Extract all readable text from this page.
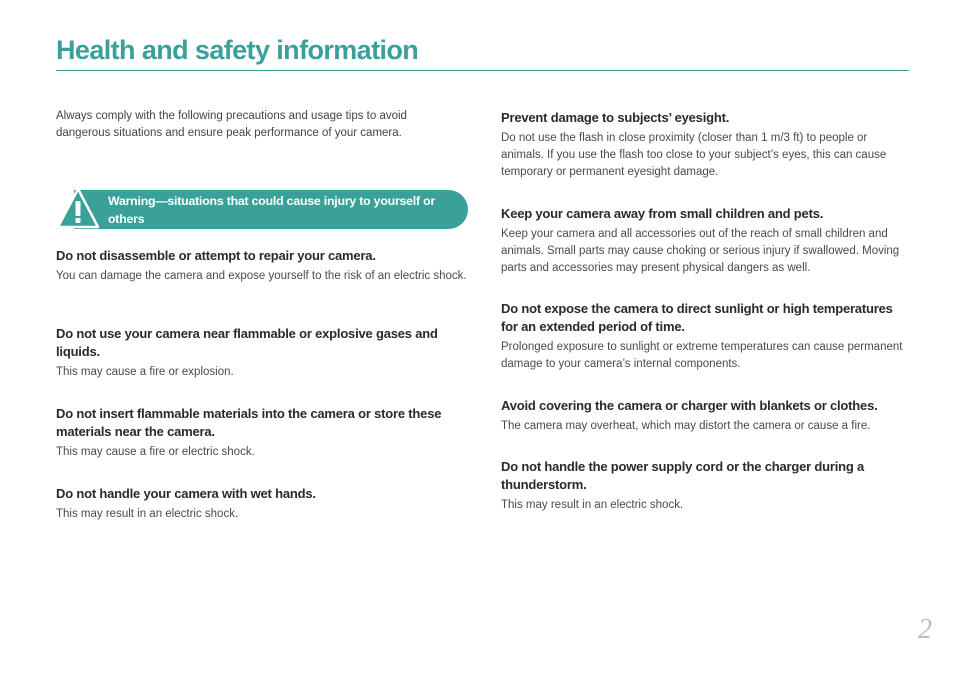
Health and safety information

Always comply with the following precautions and usage tips to avoid dangerous situations and ensure peak performance of your camera.

Warning—situations that could cause injury to yourself or others

Do not disassemble or attempt to repair your camera.

You can damage the camera and expose yourself to the risk of an electric shock.

Do not use your camera near flammable or explosive gases and liquids.

This may cause a fire or explosion.

Do not insert flammable materials into the camera or store these materials near the camera.

This may cause a fire or electric shock.

Do not handle your camera with wet hands.

This may result in an electric shock.

Prevent damage to subjects’ eyesight.

Do not use the flash in close proximity (closer than 1 m/3 ft) to people or animals. If you use the flash too close to your subject’s eyes, this can cause temporary or permanent eyesight damage.

Keep your camera away from small children and pets.

Keep your camera and all accessories out of the reach of small children and animals. Small parts may cause choking or serious injury if swallowed. Moving parts and accessories may present physical dangers as well.

Do not expose the camera to direct sunlight or high temperatures for an extended period of time.

Prolonged exposure to sunlight or extreme temperatures can cause permanent damage to your camera’s internal components.

Avoid covering the camera or charger with blankets or clothes.

The camera may overheat, which may distort the camera or cause a fire.

Do not handle the power supply cord or the charger during a thunderstorm.

This may result in an electric shock.

2
